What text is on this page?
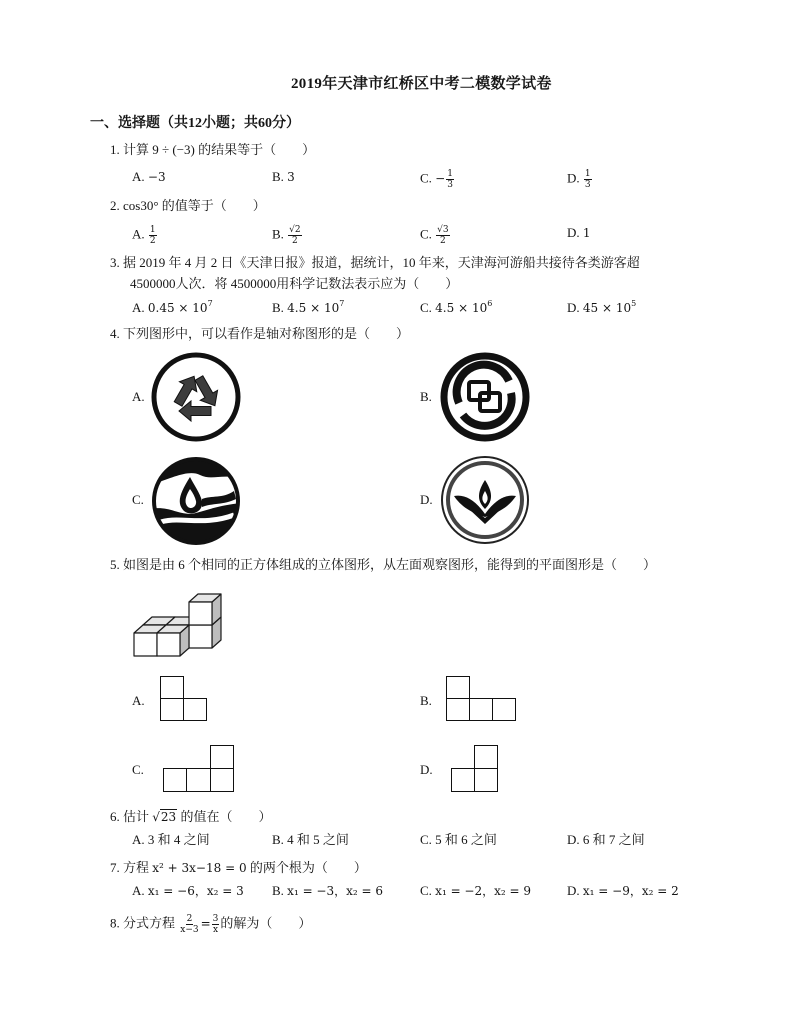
2019年天津市红桥区中考二模数学试卷
一、选择题（共12小题；共60分）
1. 计算 9 ÷ (−3) 的结果等于（　　）
A. −3	B. 3	C. − $\frac{1}{3}$	D. $\frac{1}{3}$
2. cos30° 的值等于（　　）
A. $\frac{1}{2}$	B. $\frac{√2}{2}$	C. $\frac{√3}{2}$	D. 1
3. 据 2019 年 4 月 2 日《天津日报》报道，据统计，10 年来，天津海河游船共接待各类游客超
4500000人次．将 4500000用科学记数法表示应为（　　）
A. $0.45 \times 10^7$	B. $4.5 \times 10^7$	C. $4.5 \times 10^6$	D. $45 \times 10^5$
4. 下列图形中，可以看作是轴对称图形的是（　　）
A.	B.
C.	D.
5. 如图是由 6 个相同的正方体组成的立体图形，从左面观察图形，能得到的平面图形是（　　）
A.	B.
C.	D.
6. 估计 √23 的值在（　　）
A. 3 和 4 之间	B. 4 和 5 之间	C. 5 和 6 之间	D. 6 和 7 之间
7. 方程 x² + 3x−18 = 0 的两个根为（　　）
A. x₁ = −6，x₂ = 3 B. x₁ = −3，x₂ = 6	C. x₁ = −2，x₂ = 9	D. x₁ = −9，x₂ = 2
8. 分式方程 $\frac{2}{x-3} = \frac{3}{x}$ 的解为（　　）
